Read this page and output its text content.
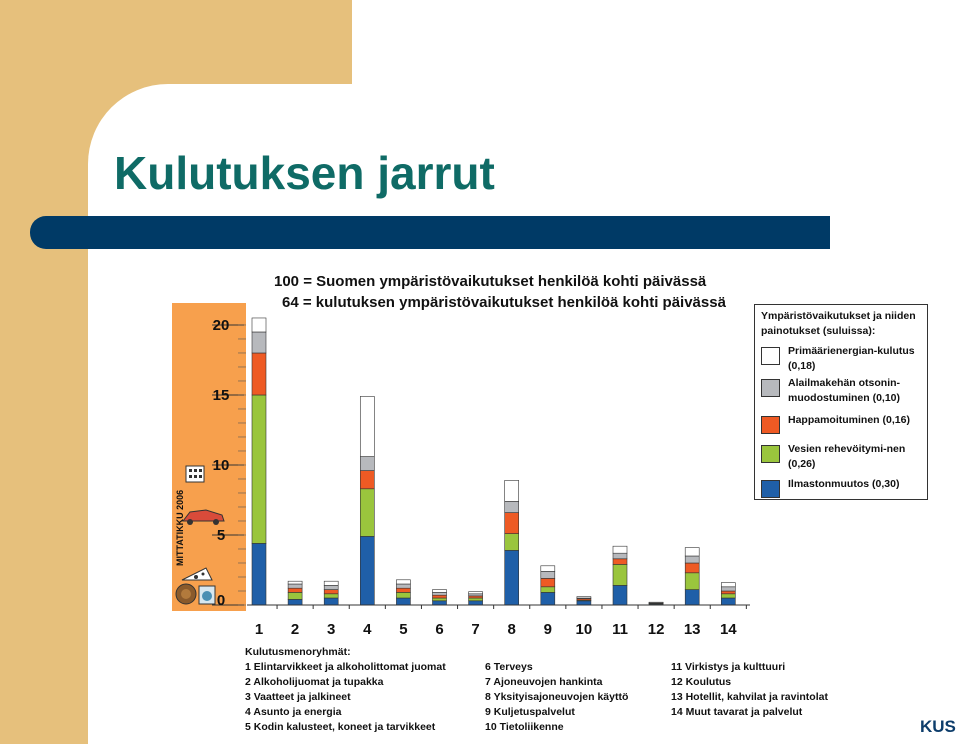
Kulutuksen jarrut
100 = Suomen ympäristövaikutukset henkilöä kohti päivässä
64 = kulutuksen ympäristövaikutukset henkilöä kohti päivässä
MITTATIKKU 2006
0
5
10
15
20
1 2 3 4 5 6 7 8 9 10 11 12 13 14
Ympäristövaikutukset ja niiden painotukset (suluissa):
Primäärienergian-kulutus (0,18)
Alailmakehän otsonin-muodostuminen (0,10)
Happamoituminen (0,16)
Vesien rehevöitymi-nen (0,26)
Ilmastonmuutos (0,30)
Kulutusmenoryhmät:
1 Elintarvikkeet ja alkoholittomat juomat
2 Alkoholijuomat ja tupakka
3 Vaatteet ja jalkineet
4 Asunto ja energia
5 Kodin kalusteet, koneet ja tarvikkeet
6 Terveys
7 Ajoneuvojen hankinta
8 Yksityisajoneuvojen käyttö
9 Kuljetuspalvelut
10 Tietoliikenne
11 Virkistys ja kulttuuri
12 Koulutus
13 Hotellit, kahvilat ja ravintolat
14 Muut tavarat ja palvelut
KUS
